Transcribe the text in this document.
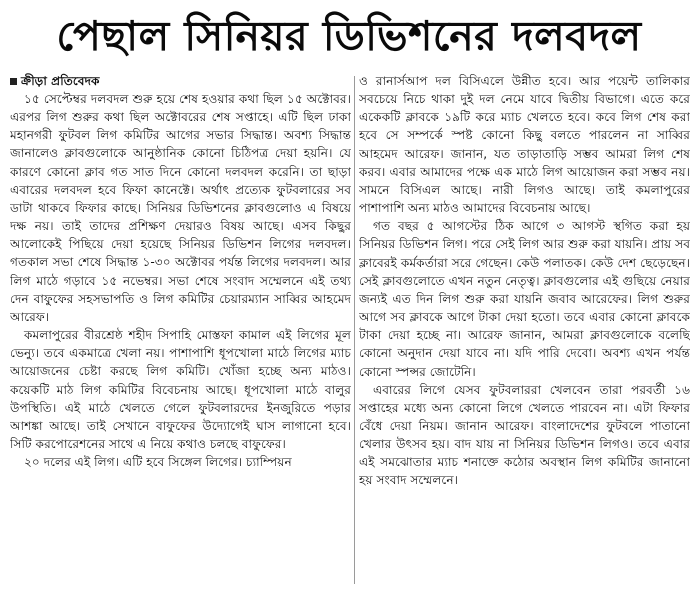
পেছাল সিনিয়র ডিভিশনের দলবদল
ক্রীড়া প্রতিবেদক

১৫ সেপ্টেম্বর দলবদল শুরু হয়ে শেষ হওয়ার কথা ছিল ১৫ অক্টোবর। এরপর লিগ শুরুর কথা ছিল অক্টোবরের শেষ সপ্তাহে। এটি ছিল ঢাকা মহানগরী ফুটবল লিগ কমিটির আগের সভার সিদ্ধান্ত। অবশ্য সিদ্ধান্ত জানালেও ক্লাবগুলোকে আনুষ্ঠানিক কোনো চিঠিপত্র দেয়া হয়নি। যে কারণে কোনো ক্লাব গত সাত দিনে কোনো দলবদল করেনি। তা ছাড়া এবারের দলবদল হবে ফিফা কানেক্টে। অর্থাৎ প্রত্যেক ফুটবলারের সব ডাটা থাকবে ফিফার কাছে। সিনিয়র ডিভিশনের ক্লাবগুলোও এ বিষয়ে দক্ষ নয়। তাই তাদের প্রশিক্ষণ দেয়ারও বিষয় আছে। এসব কিছুর আলোকেই পিছিয়ে দেয়া হয়েছে সিনিয়র ডিভিশন লিগের দলবদল। গতকাল সভা শেষে সিদ্ধান্ত ১-৩০ অক্টোবর পর্যন্ত লিগের দলবদল। আর লিগ মাঠে গড়াবে ১৫ নভেম্বর। সভা শেষে সংবাদ সম্মেলনে এই তথ্য দেন বাফুফের সহসভাপতি ও লিগ কমিটির চেয়ারম্যান সাব্বির আহমেদ আরেফ।

কমলাপুরের বীরশ্রেষ্ঠ শহীদ সিপাহি মোস্তফা কামাল এই লিগের মূল ভেন্যু। তবে একমাত্রে খেলা নয়। পাশাপাশি ধূপখোলা মাঠে লিগের ম্যাচ আয়োজনের চেষ্টা করছে লিগ কমিটি। খোঁজা হচ্ছে অন্য মাঠও। কয়েকটি মাঠ লিগ কমিটির বিবেচনায় আছে। ধূপখোলা মাঠে বালুর উপস্থিতি। এই মাঠে খেলতে গেলে ফুটবলারদের ইনজুরিতে পড়ার আশঙ্কা আছে। তাই সেখানে বাফুফের উদ্যোগেই ঘাস লাগানো হবে। সিটি করপোরেশনের সাথে এ নিয়ে কথাও চলছে বাফুফের।

২০ দলের এই লিগ। এটি হবে সিঙ্গেল লিগের। চ্যাম্পিয়ন

ও রানার্সআপ দল বিসিএলে উন্নীত হবে। আর পয়েন্ট তালিকার সবচেয়ে নিচে থাকা দুই দল নেমে যাবে দ্বিতীয় বিভাগে। এতে করে একেকটি ক্লাবকে ১৯টি করে ম্যাচ খেলতে হবে। কবে লিগ শেষ করা হবে সে সম্পর্কে স্পষ্ট কোনো কিছু বলতে পারলেন না সাব্বির আহমেদ আরেফ। জানান, যত তাড়াতাড়ি সম্ভব আমরা লিগ শেষ করব। এবার আমাদের পক্ষে এক মাঠে লিগ আয়োজন করা সম্ভব নয়। সামনে বিসিএল আছে। নারী লিগও আছে। তাই কমলাপুরের পাশাপাশি অন্য মাঠও আমাদের বিবেচনায় আছে।

গত বছর ৫ আগস্টের ঠিক আগে ৩ আগস্ট স্থগিত করা হয় সিনিয়র ডিভিশন লিগ। পরে সেই লিগ আর শুরু করা যায়নি। প্রায় সব ক্লাবেরই কর্মকর্তারা সরে গেছেন। কেউ পলাতক। কেউ দেশ ছেড়েছেন। সেই ক্লাবগুলোতে এখন নতুন নেতৃত্ব। ক্লাবগুলোর এই গুছিয়ে নেয়ার জন্যই এত দিন লিগ শুরু করা যায়নি জবাব আরেফের। লিগ শুরুর আগে সব ক্লাবকে আগে টাকা দেয়া হতো। তবে এবার কোনো ক্লাবকে টাকা দেয়া হচ্ছে না। আরেফ জানান, আমরা ক্লাবগুলোকে বলেছি কোনো অনুদান দেয়া যাবে না। যদি পারি দেবো। অবশ্য এখন পর্যন্ত কোনো স্পন্সর জোটেনি।

এবারের লিগে যেসব ফুটবলাররা খেলবেন তারা পরবর্তী ১৬ সপ্তাহের মধ্যে অন্য কোনো লিগে খেলতে পারবেন না। এটা ফিফার বেঁধে দেয়া নিয়ম। জানান আরেফ। বাংলাদেশের ফুটবলে পাতানো খেলার উৎসব হয়। বাদ যায় না সিনিয়র ডিভিশন লিগও। তবে এবার এই সমঝোতার ম্যাচ শনাক্তে কঠোর অবস্থান লিগ কমিটির জানানো হয় সংবাদ সম্মেলনে।
